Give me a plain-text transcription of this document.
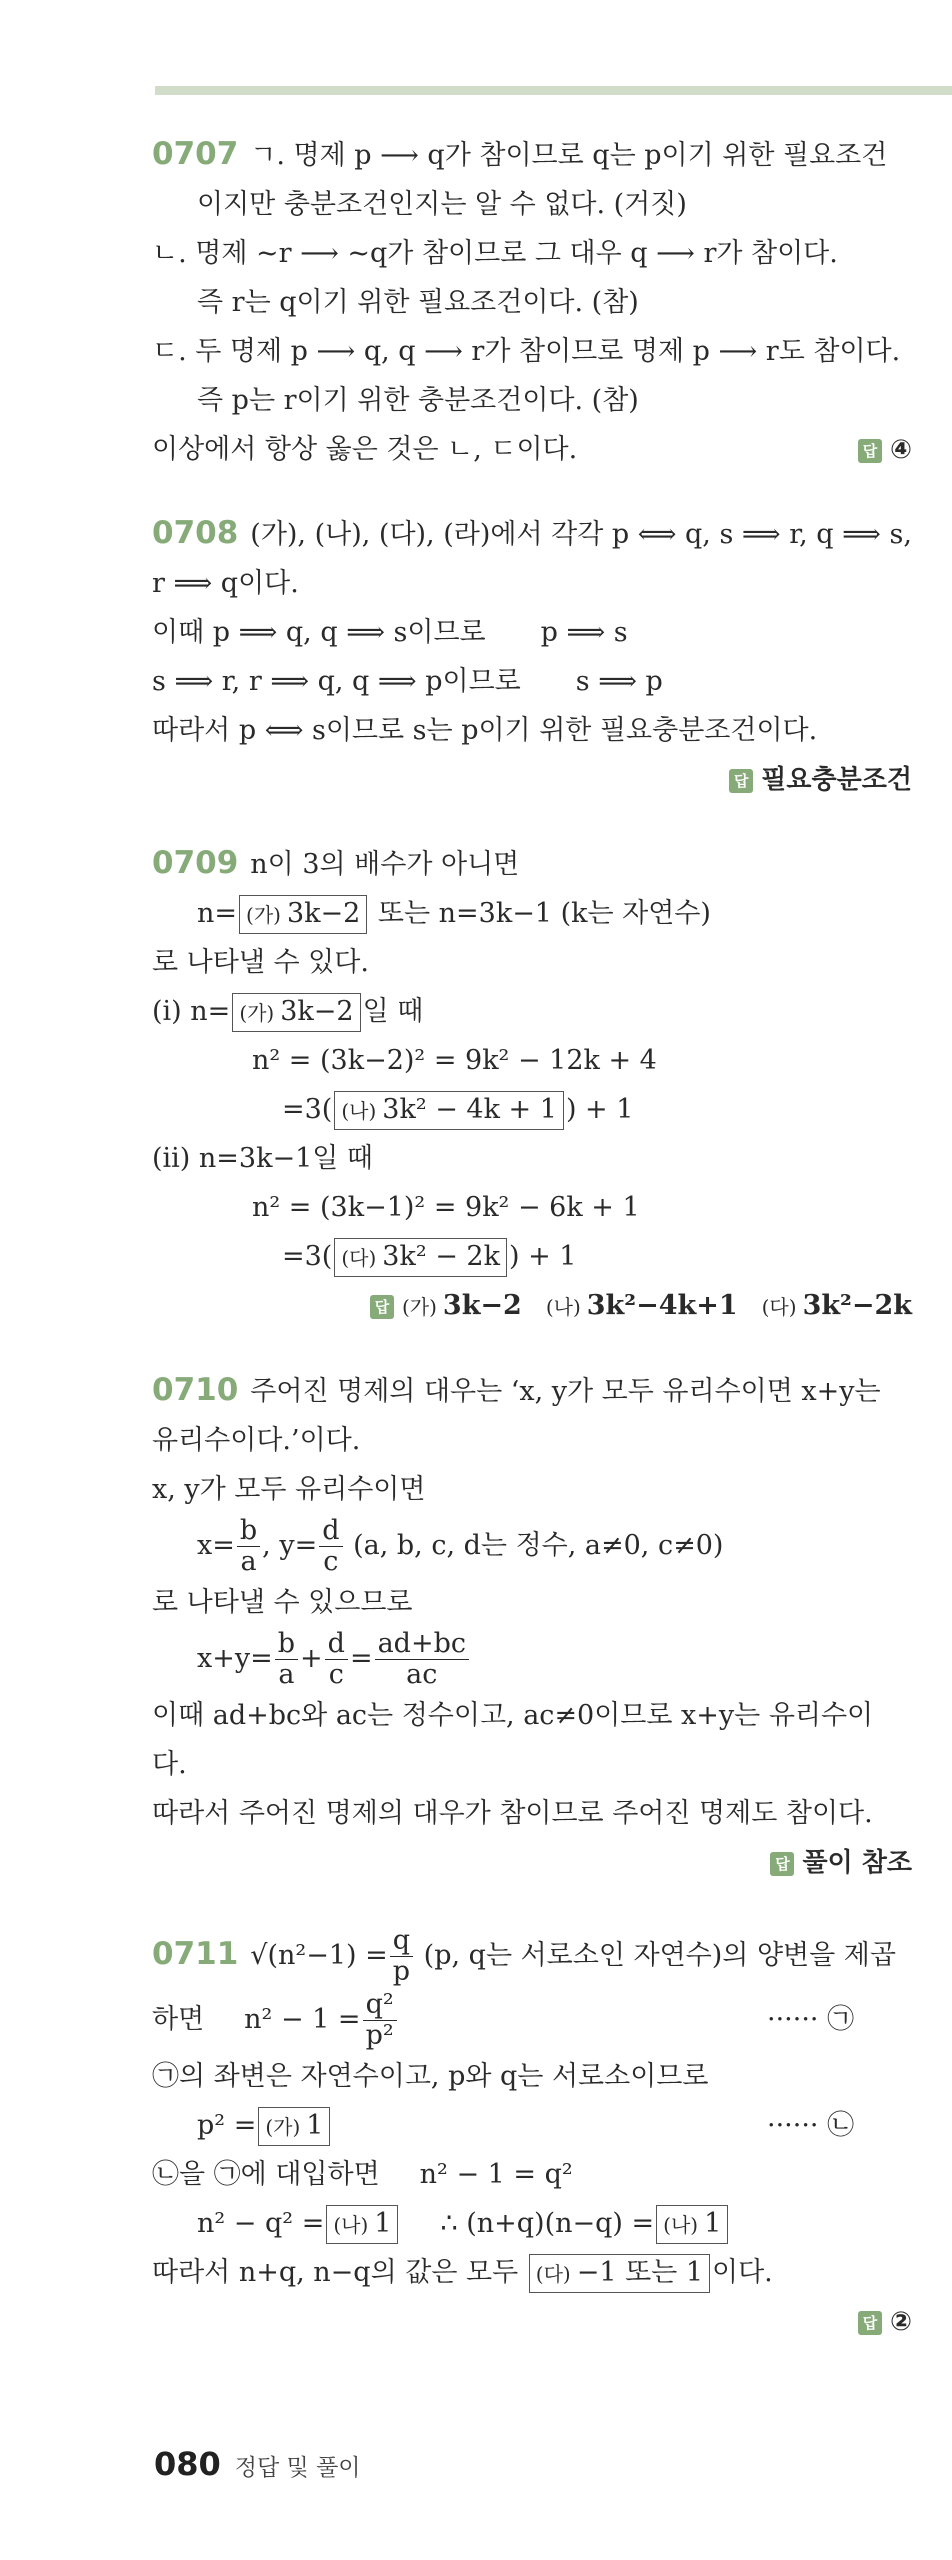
0707 ㄱ. 명제 p ⟶ q가 참이므로 q는 p이기 위한 필요조건
이지만 충분조건인지는 알 수 없다. (거짓)
ㄴ. 명제 ~r ⟶ ~q가 참이므로 그 대우 q ⟶ r가 참이다.
즉 r는 q이기 위한 필요조건이다. (참)
ㄷ. 두 명제 p ⟶ q, q ⟶ r가 참이므로 명제 p ⟶ r도 참이다.
즉 p는 r이기 위한 충분조건이다. (참)
이상에서 항상 옳은 것은 ㄴ, ㄷ이다.	답 ④
0708 (가), (나), (다), (라)에서 각각 p ⟺ q, s ⟹ r, q ⟹ s,
r ⟹ q이다.
이때 p ⟹ q, q ⟹ s이므로 p ⟹ s
s ⟹ r, r ⟹ q, q ⟹ p이므로 s ⟹ p
따라서 p ⟺ s이므로 s는 p이기 위한 필요충분조건이다.
답 필요충분조건
0709 n이 3의 배수가 아니면
n= (가) 3k−2 또는 n=3k−1 (k는 자연수)
로 나타낼 수 있다.
(i) n= (가) 3k−2 일 때
n² = (3k−2)² = 9k² − 12k + 4
=3( (나) 3k² − 4k + 1 ) + 1
(ii) n=3k−1일 때
n² = (3k−1)² = 9k² − 6k + 1
=3( (다) 3k² − 2k ) + 1
답 (가) 3k−2 (나) 3k²−4k+1 (다) 3k²−2k
0710 주어진 명제의 대우는 ‘x, y가 모두 유리수이면 x+y는
유리수이다.’이다.
x, y가 모두 유리수이면
$x= \frac{b}{a}$ , $y= \frac{d}{c} (a$, b, c, d는 정수, a≠0, c≠0)
로 나타낼 수 있으므로
$x+y= \frac{b}{a} + \frac{d}{c} = \frac{ad+bc}{ac}$
이때 ad+bc와 ac는 정수이고, ac≠0이므로 x+y는 유리수이
다.
따라서 주어진 명제의 대우가 참이므로 주어진 명제도 참이다.
답 풀이 참조
0711 $√(n^2-1) = \frac{q}{p} (p$, q는 서로소인 자연수)의 양변을 제곱
하면 $n^2 - 1 = \frac{\text{q²}}{\text{p²}}$	······ ㉠
㉠의 좌변은 자연수이고, p와 q는 서로소이므로
p² = (가) 1	······ ㉡
㉡을 ㉠에 대입하면 n² − 1 = q²
n² − q² = (나) 1 ∴ (n+q)(n−q) = (나) 1
따라서 n+q, n−q의 값은 모두 (다) −1 또는 1 이다.
답 ②
080 정답 및 풀이
